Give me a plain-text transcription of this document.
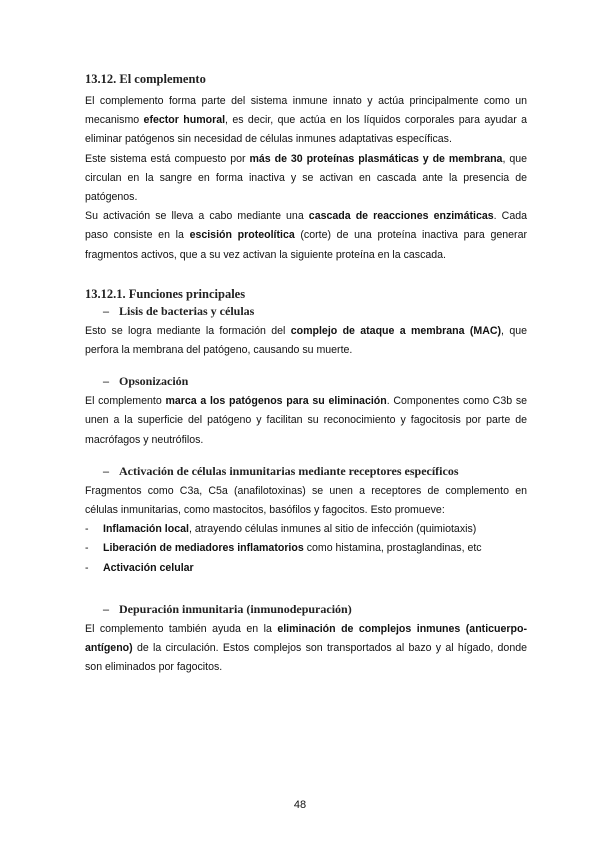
13.12. El complemento

El complemento forma parte del sistema inmune innato y actúa principalmente como un mecanismo efector humoral, es decir, que actúa en los líquidos corporales para ayudar a eliminar patógenos sin necesidad de células inmunes adaptativas específicas.

Este sistema está compuesto por más de 30 proteínas plasmáticas y de membrana, que circulan en la sangre en forma inactiva y se activan en cascada ante la presencia de patógenos.

Su activación se lleva a cabo mediante una cascada de reacciones enzimáticas. Cada paso consiste en la escisión proteolítica (corte) de una proteína inactiva para generar fragmentos activos, que a su vez activan la siguiente proteína en la cascada.

13.12.1. Funciones principales
– Lisis de bacterias y células

Esto se logra mediante la formación del complejo de ataque a membrana (MAC), que perfora la membrana del patógeno, causando su muerte.

– Opsonización

El complemento marca a los patógenos para su eliminación. Componentes como C3b se unen a la superficie del patógeno y facilitan su reconocimiento y fagocitosis por parte de macrófagos y neutrófilos.

– Activación de células inmunitarias mediante receptores específicos

Fragmentos como C3a, C5a (anafilotoxinas) se unen a receptores de complemento en células inmunitarias, como mastocitos, basófilos y fagocitos. Esto promueve:

- Inflamación local, atrayendo células inmunes al sitio de infección (quimiotaxis)
- Liberación de mediadores inflamatorios como histamina, prostaglandinas, etc
- Activación celular
– Depuración inmunitaria (inmunodepuración)

El complemento también ayuda en la eliminación de complejos inmunes (anticuerpo-antígeno) de la circulación. Estos complejos son transportados al bazo y al hígado, donde son eliminados por fagocitos.

48
